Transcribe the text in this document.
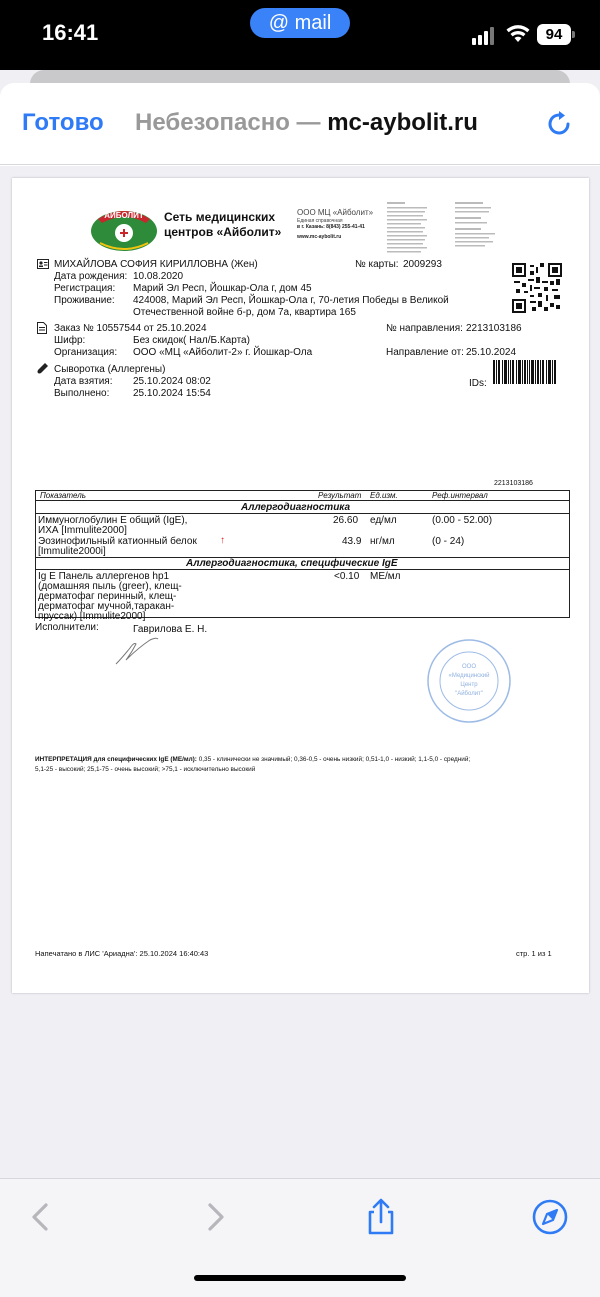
16:41	@ mail
94
Готово Небезопасно — mc-aybolit.ru
АЙБОЛИТ Сеть медицинских
центров «Айболит»
ООО МЦ «Айболит»
Единая справочная
в г. Казань: 8(843) 255-41-41
www.mc-aybolit.ru
МИХАЙЛОВА СОФИЯ КИРИЛЛОВНА (Жен)	№ карты: 2009293
Дата рождения: 10.08.2020
Регистрация: Марий Эл Респ, Йошкар-Ола г, дом 45
Проживание: 424008, Марий Эл Респ, Йошкар-Ола г, 70-летия Победы в Великой
Отечественной войне б-р, дом 7а, квартира 165
Заказ № 10557544 от 25.10.2024	№ направления: 2213103186
Шифр:	Без скидок( Нал/Б.Карта)
Организация: ООО «МЦ «Айболит-2» г. Йошкар-Ола	Направление от: 25.10.2024
Сыворотка (Аллергены)
Дата взятия: 25.10.2024 08:02
Выполнено: 25.10.2024 15:54
IDs:
2213103186
Показатель	Результат Ед.изм.	Реф.интервал
Аллергодиагностика
Иммуноглобулин Е общий (IgE),
ИХА [Immulite2000]
26.60 ед/мл	(0.00 - 52.00)
Эозинофильный катионный белок
[Immulite2000i]
↑	43.9 нг/мл	(0 - 24)
Аллергодиагностика, специфические IgE
Ig E Панель аллергенов hp1
(домашняя пыль (greer), клещ-
дерматофаг перинный, клещ-
дерматофаг мучной,таракан-
пруссак) [Immulite2000]
<0.10 МЕ/мл
Исполнители:	Гаврилова Е. Н.
ООО
«Медицинский
Центр
"Айболит"
ИНТЕРПРЕТАЦИЯ для специфических IgE (МЕ/мл): 0,35 - клинически не значимый; 0,36-0,5 - очень низкий; 0,51-1,0 - низкий; 1,1-5,0 - средний;
5,1-25 - высокий; 25,1-75 - очень высокий; >75,1 - исключительно высокий
Напечатано в ЛИС 'Ариадна': 25.10.2024 16:40:43	стр. 1 из 1
